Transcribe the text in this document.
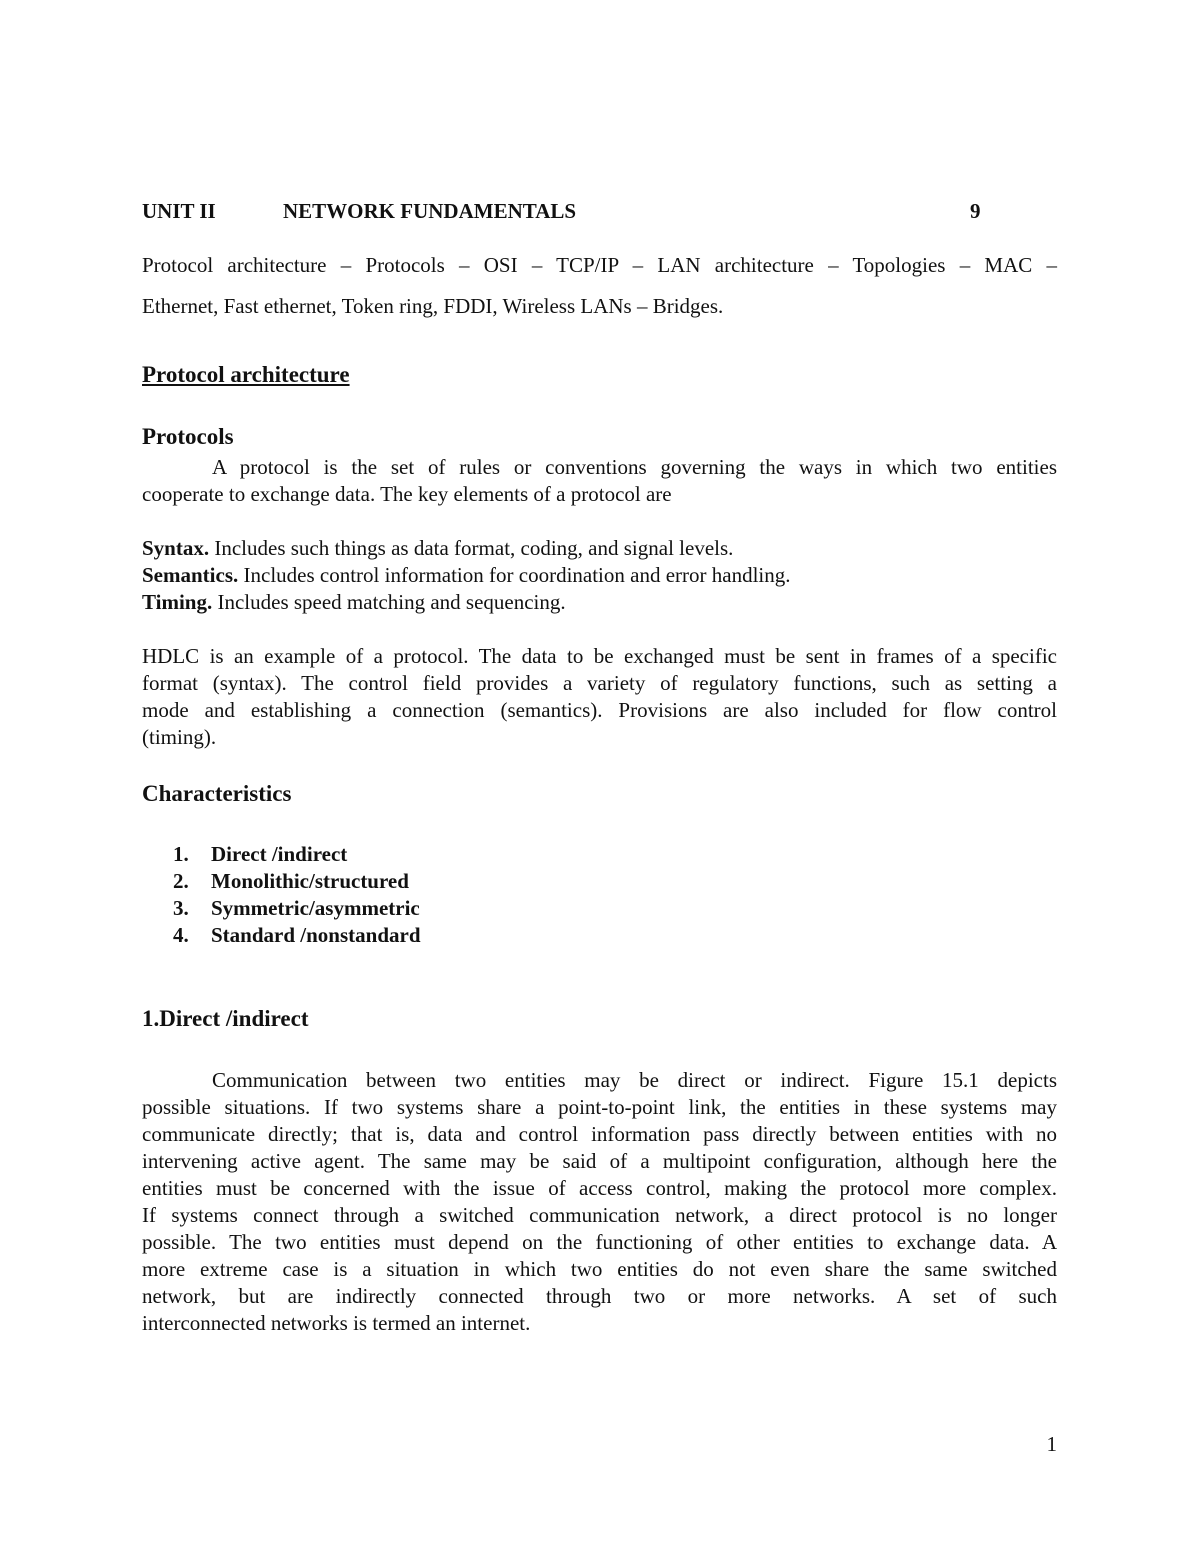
UNIT II	NETWORK FUNDAMENTALS	9
Protocol architecture – Protocols – OSI – TCP/IP – LAN architecture – Topologies – MAC –
Ethernet, Fast ethernet, Token ring, FDDI, Wireless LANs – Bridges.
Protocol architecture
Protocols
A protocol is the set of rules or conventions governing the ways in which two entities
cooperate to exchange data. The key elements of a protocol are
Syntax. Includes such things as data format, coding, and signal levels.
Semantics. Includes control information for coordination and error handling.
Timing. Includes speed matching and sequencing.
HDLC is an example of a protocol. The data to be exchanged must be sent in frames of a specific
format (syntax). The control field provides a variety of regulatory functions, such as setting a
mode and establishing a connection (semantics). Provisions are also included for flow control
(timing).
Characteristics
1. Direct /indirect
2. Monolithic/structured
3. Symmetric/asymmetric
4. Standard /nonstandard
1.Direct /indirect
Communication between two entities may be direct or indirect. Figure 15.1 depicts
possible situations. If two systems share a point-to-point link, the entities in these systems may
communicate directly; that is, data and control information pass directly between entities with no
intervening active agent. The same may be said of a multipoint configuration, although here the
entities must be concerned with the issue of access control, making the protocol more complex.
If systems connect through a switched communication network, a direct protocol is no longer
possible. The two entities must depend on the functioning of other entities to exchange data. A
more extreme case is a situation in which two entities do not even share the same switched
network, but are indirectly connected through two or more networks. A set of such
interconnected networks is termed an internet.
1
